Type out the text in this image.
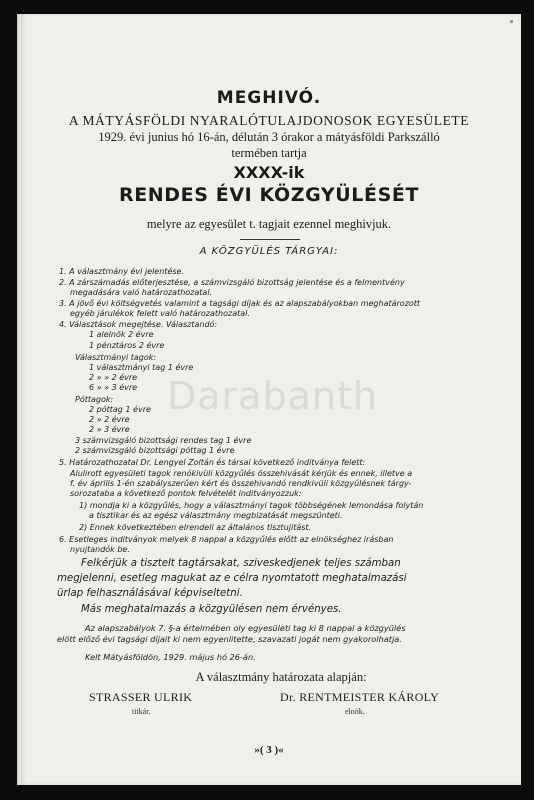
MEGHIVÓ.
A MÁTYÁSFÖLDI NYARALÓTULAJDONOSOK EGYESÜLETE
1929. évi junius hó 16-án, délután 3 órakor a mátyásföldi Parkszálló
termében tartja
XXXX-ik
RENDES ÉVI KÖZGYÜLÉSÉT
melyre az egyesület t. tagjait ezennel meghivjuk.
A KÖZGYÜLÉS TÁRGYAI:
Darabanth
1. A választmány évi jelentése.
2. A zárszámadás előterjesztése, a számvizsgáló bizottság jelentése és a felmentvény
megadására való határozathozatal.
3. A jövő évi költségvetés valamint a tagsági díjak és az alapszabályokban meghatározott
egyéb járulékok felett való határozathozatal.
4. Választások megejtése. Választandó:
1 alelnök 2 évre
1 pénztáros 2 évre
Választmányi tagok:
1 választmányi tag 1 évre
2 » » 2 évre
6 » » 3 évre
Póttagok:
2 póttag 1 évre
2 » 2 évre
2 » 3 évre
3 számvizsgáló bizottsági rendes tag 1 évre
2 számvizsgáló bizottsági póttag 1 évre
5. Határozathozatal Dr. Lengyel Zoltán és társai következő inditványa felett:
Alulirott egyesületi tagok renókivüli közgyűlés összehivását kérjük és ennek, illetve a
f. év április 1-én szabályszerűen kért és összehivandó rendkivüli közgyűlésnek tárgy-
sorozataba a következő pontok felvételét inditványozzuk:
1) mondja ki a közgyűlés, hogy a választmányi tagok többségének lemondása folytán
a tisztikar és az egész választmány megbizatását megszünteti.
2) Ennek következtében elrendeli az általános tisztujitást.
6. Esetleges inditványok melyek 8 nappal a közgyűlés előtt az elnökséghez irásban
nyujtandók be.
Felkérjük a tisztelt tagtársakat, sziveskedjenek teljes számban
megjelenni, esetleg magukat az e célra nyomtatott meghatalmazási
ürlap felhasználásával képviseltetni.
Más meghatalmazás a közgyülésen nem érvényes.
Az alapszabályok 7. §-a értelmében oly egyesületi tag ki 8 nappal a közgyülés
elött előző évi tagsági díjait ki nem egyenlitette, szavazati jogát nem gyakorolhatja.
Kelt Mátyásföldön, 1929. május hó 26-án.
A választmány határozata alapján:
STRASSER ULRIK
titkár.
Dr. RENTMEISTER KÁROLY
elnök.
»( 3 )«
